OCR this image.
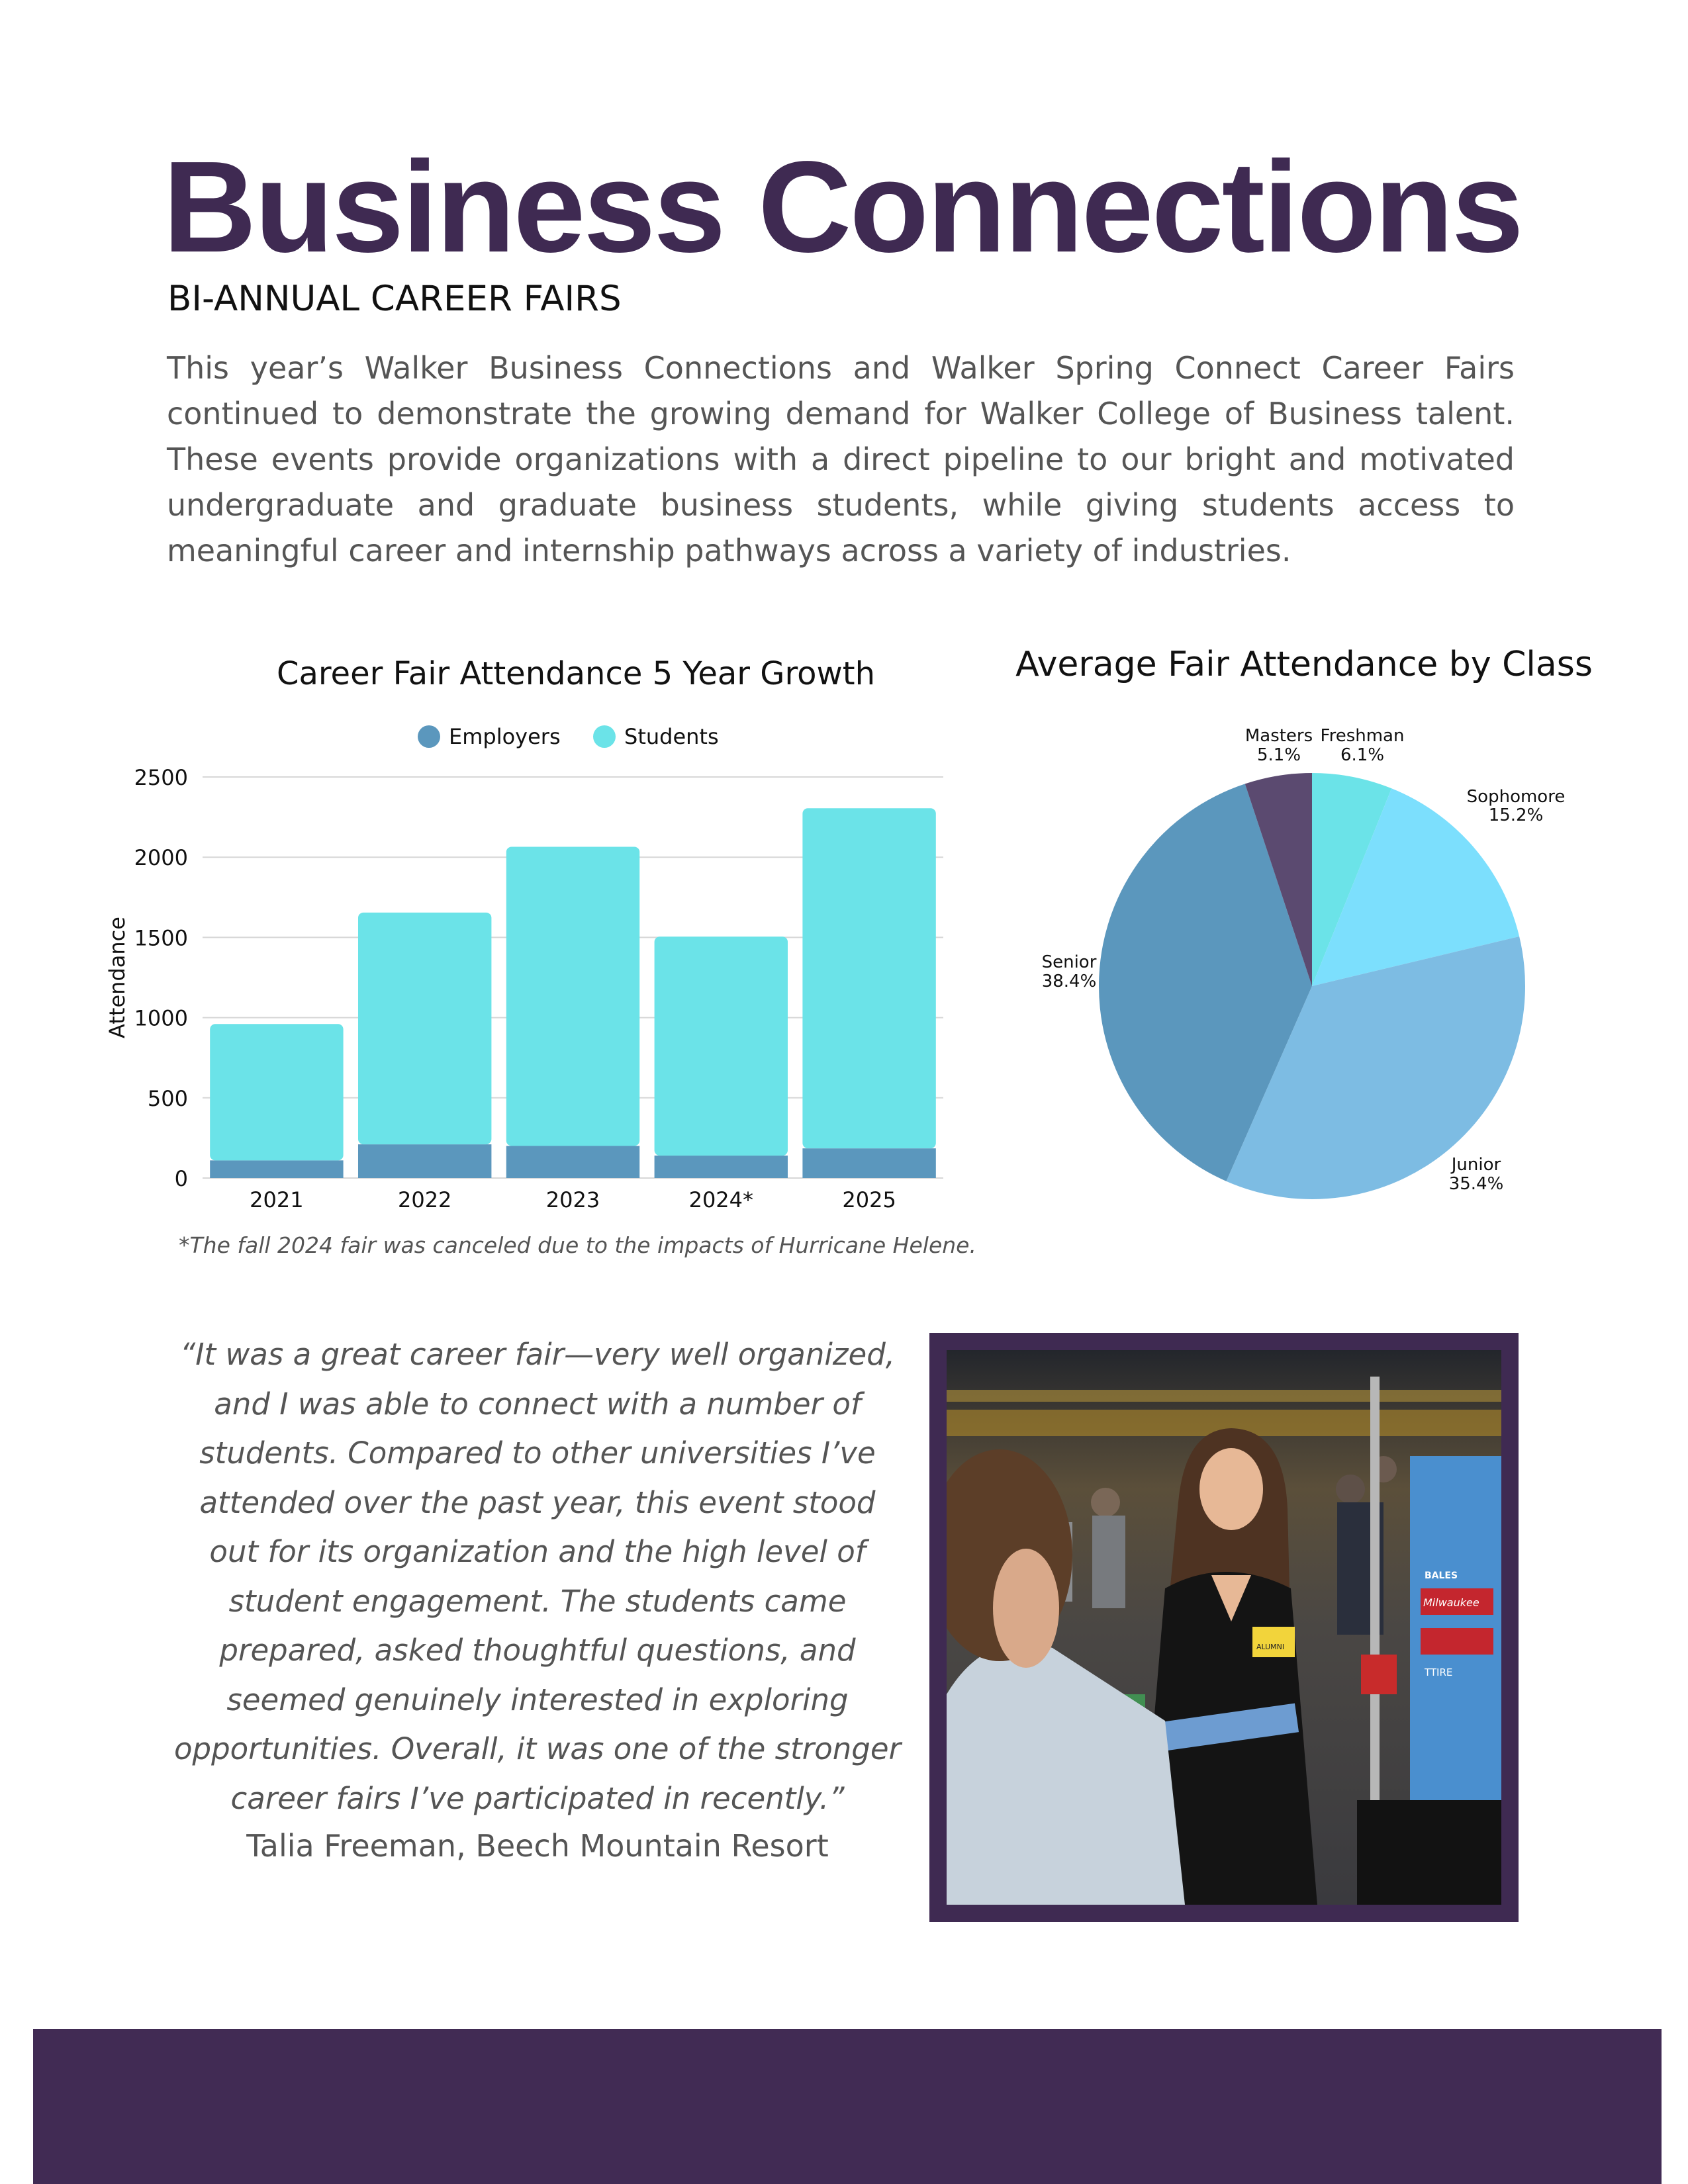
Business Connections
BI-ANNUAL CAREER FAIRS

This year’s Walker Business Connections and Walker Spring Connect Career Fairs continued to demonstrate the growing demand for Walker College of Business talent. These events provide organizations with a direct pipeline to our bright and motivated undergraduate and graduate business students, while giving students access to meaningful career and internship pathways across a variety of industries.

Career Fair Attendance 5 Year Growth
0
500
1000
1500
2000
2500
Attendance
2021	2022	2023	2024*	2025
Employers	Students
*The fall 2024 fair was canceled due to the impacts of Hurricane Helene.
Average Fair Attendance by Class
Freshman
6.1%
Sophomore
15.2%
Junior
35.4%
Senior
38.4%
Masters
5.1%

“It was a great career fair—very well organized, and I was able to connect with a number of students. Compared to other universities I’ve attended over the past year, this event stood out for its organization and the high level of student engagement. The students came prepared, asked thoughtful questions, and seemed genuinely interested in exploring opportunities. Overall, it was one of the stronger career fairs I’ve participated in recently.”

Talia Freeman, Beech Mountain Resort
BALES
Milwaukee
TTIRE
ALUMNI
